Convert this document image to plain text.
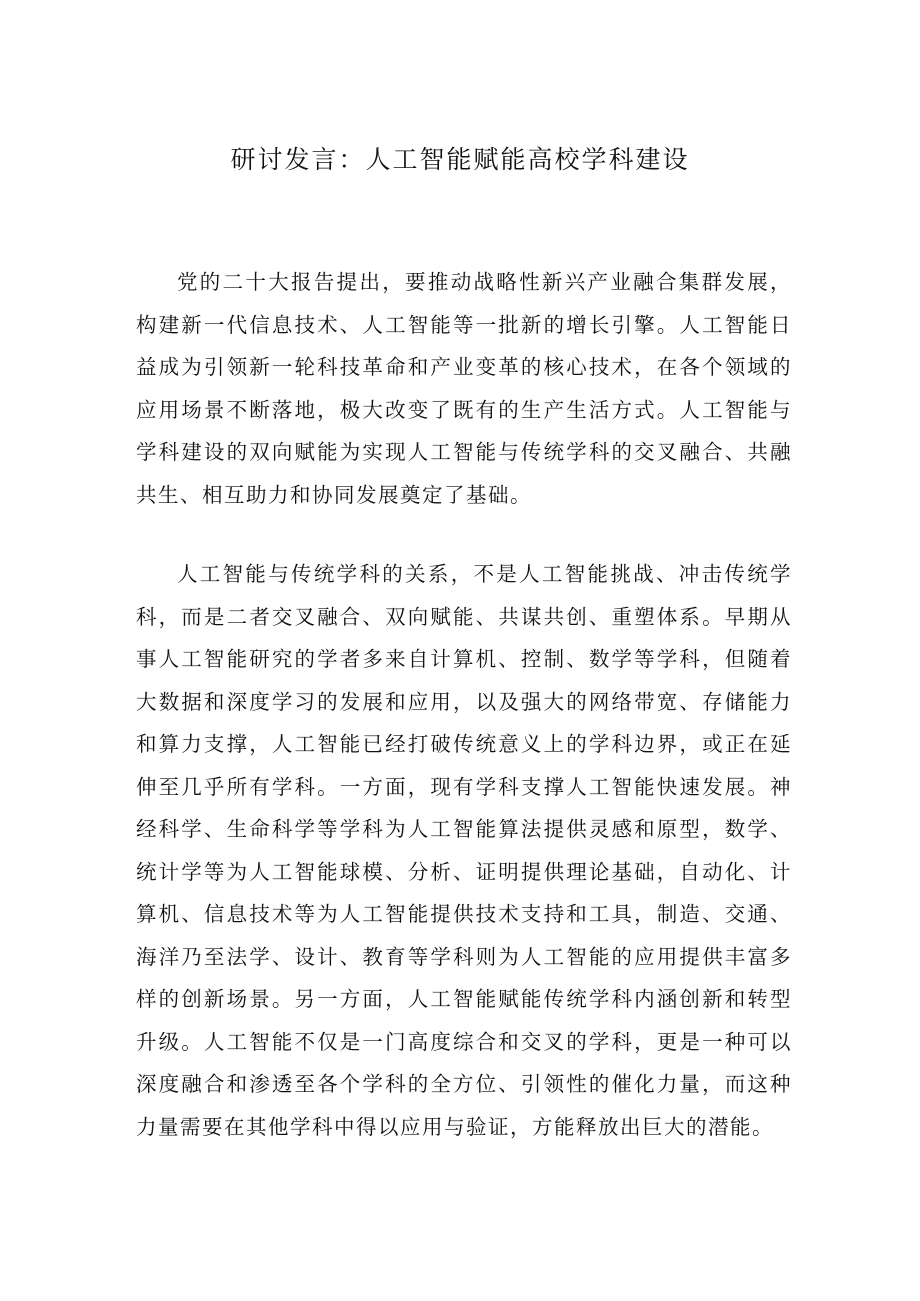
研讨发言：人工智能赋能高校学科建设

党的二十大报告提出，要推动战略性新兴产业融合集群发展，构建新一代信息技术、人工智能等一批新的增长引擎。人工智能日益成为引领新一轮科技革命和产业变革的核心技术，在各个领域的应用场景不断落地，极大改变了既有的生产生活方式。人工智能与学科建设的双向赋能为实现人工智能与传统学科的交叉融合、共融共生、相互助力和协同发展奠定了基础。

人工智能与传统学科的关系，不是人工智能挑战、冲击传统学科，而是二者交叉融合、双向赋能、共谋共创、重塑体系。早期从事人工智能研究的学者多来自计算机、控制、数学等学科，但随着大数据和深度学习的发展和应用，以及强大的网络带宽、存储能力和算力支撑，人工智能已经打破传统意义上的学科边界，或正在延伸至几乎所有学科。一方面，现有学科支撑人工智能快速发展。神经科学、生命科学等学科为人工智能算法提供灵感和原型，数学、统计学等为人工智能球模、分析、证明提供理论基础，自动化、计算机、信息技术等为人工智能提供技术支持和工具，制造、交通、海洋乃至法学、设计、教育等学科则为人工智能的应用提供丰富多样的创新场景。另一方面，人工智能赋能传统学科内涵创新和转型升级。人工智能不仅是一门高度综合和交叉的学科，更是一种可以深度融合和渗透至各个学科的全方位、引领性的催化力量，而这种力量需要在其他学科中得以应用与验证，方能释放出巨大的潜能。
